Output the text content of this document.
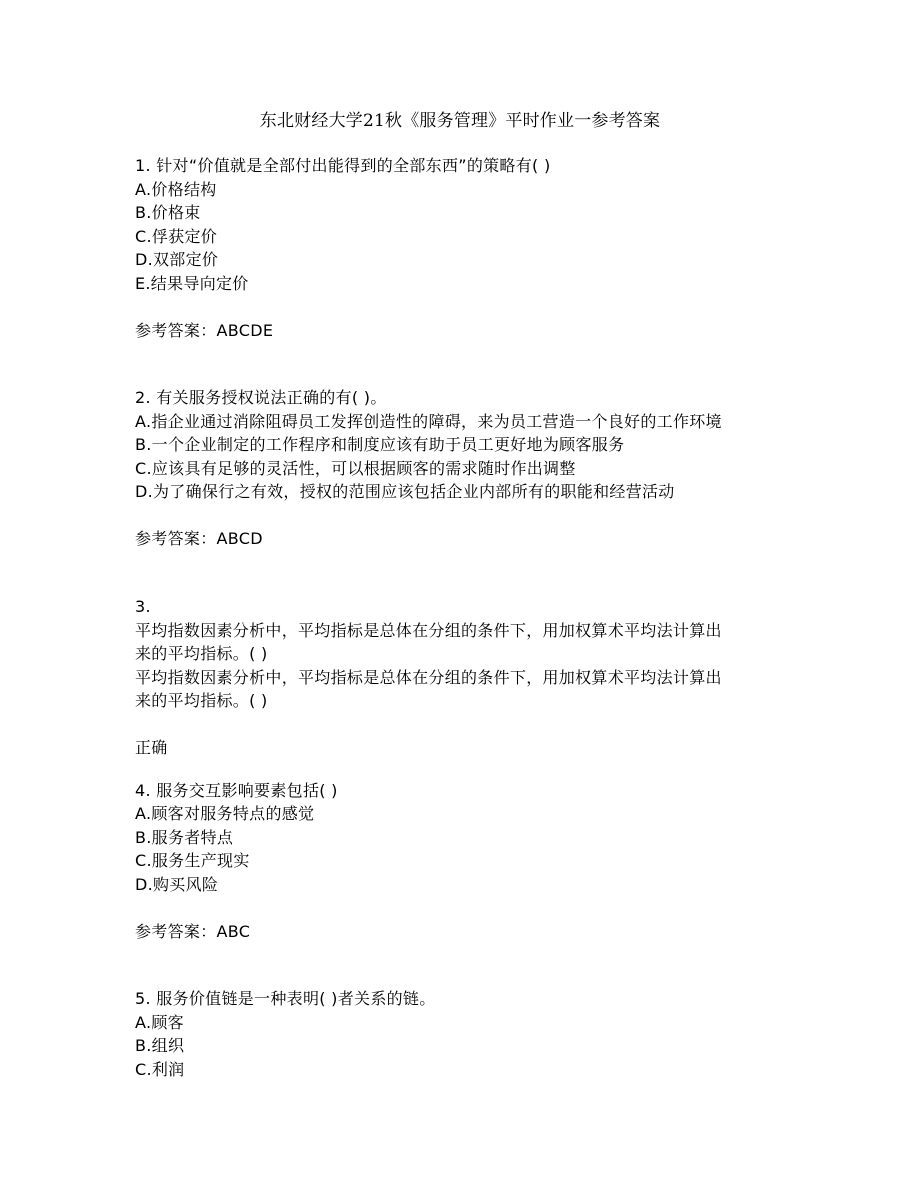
东北财经大学21秋《服务管理》平时作业一参考答案
1. 针对“价值就是全部付出能得到的全部东西”的策略有( )
A.价格结构
B.价格束
C.俘获定价
D.双部定价
E.结果导向定价
参考答案：ABCDE
2. 有关服务授权说法正确的有( )。
A.指企业通过消除阻碍员工发挥创造性的障碍，来为员工营造一个良好的工作环境
B.一个企业制定的工作程序和制度应该有助于员工更好地为顾客服务
C.应该具有足够的灵活性，可以根据顾客的需求随时作出调整
D.为了确保行之有效，授权的范围应该包括企业内部所有的职能和经营活动
参考答案：ABCD
3.
平均指数因素分析中，平均指标是总体在分组的条件下，用加权算术平均法计算出
来的平均指标。( )
平均指数因素分析中，平均指标是总体在分组的条件下，用加权算术平均法计算出
来的平均指标。( )
正确
4. 服务交互影响要素包括( )
A.顾客对服务特点的感觉
B.服务者特点
C.服务生产现实
D.购买风险
参考答案：ABC
5. 服务价值链是一种表明( )者关系的链。
A.顾客
B.组织
C.利润
